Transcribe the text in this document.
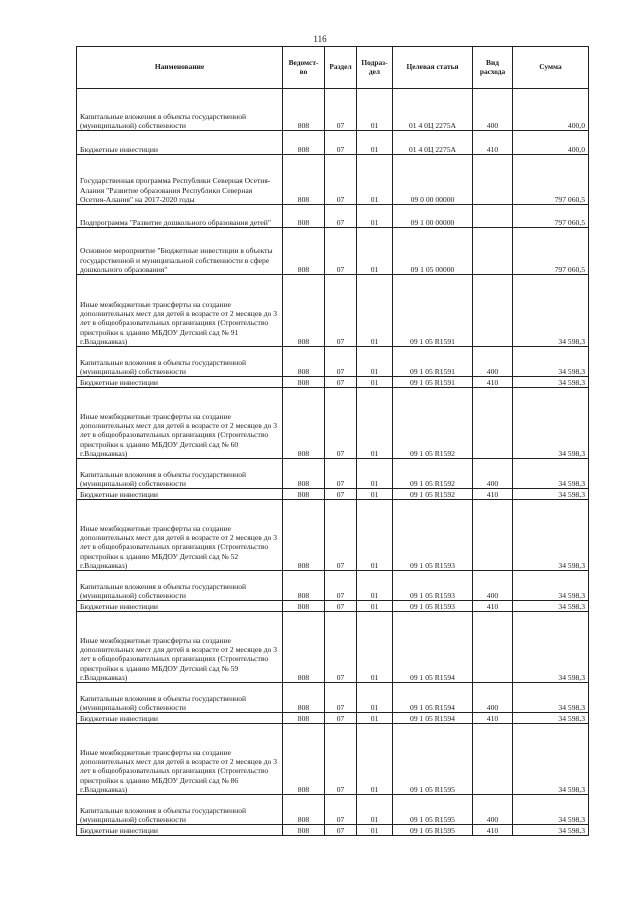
116
Наименование	Ведомст-во	Раздел	Подраз-дел	Целевая статья	Вид расхода	Сумма
Капитальные вложения в объекты государственной (муниципальной) собственности	808	07	01	01 4 0Ц 2275А	400	400,0
Бюджетные инвестиции	808	07	01	01 4 0Ц 2275А	410	400,0
Государственная программа Республики Северная Осетия-Алания "Развитие образования Республики Северная Осетия-Алания" на 2017-2020 годы	808	07	01	09 0 00 00000		797 060,5
Подпрограмма "Развитие дошкольного образования детей"	808	07	01	09 1 00 00000		797 060,5
Основное мероприятие "Бюджетные инвестиции в объекты государственной и муниципальной собственности в сфере дошкольного образования"	808	07	01	09 1 05 00000		797 060,5
Иные межбюджетные трансферты на создание дополнительных мест для детей в возрасте от 2 месяцев до 3 лет в общеобразовательных организациях (Строительство пристройки к зданию МБДОУ Детский сад № 91 г.Владикавказ)	808	07	01	09 1 05 R1591		34 598,3
Капитальные вложения в объекты государственной (муниципальной) собственности	808	07	01	09 1 05 R1591	400	34 598,3
Бюджетные инвестиции	808	07	01	09 1 05 R1591	410	34 598,3
Иные межбюджетные трансферты на создание дополнительных мест для детей в возрасте от 2 месяцев до 3 лет в общеобразовательных организациях (Строительство пристройки к зданию МБДОУ Детский сад № 60 г.Владикавказ)	808	07	01	09 1 05 R1592		34 598,3
Капитальные вложения в объекты государственной (муниципальной) собственности	808	07	01	09 1 05 R1592	400	34 598,3
Бюджетные инвестиции	808	07	01	09 1 05 R1592	410	34 598,3
Иные межбюджетные трансферты на создание дополнительных мест для детей в возрасте от 2 месяцев до 3 лет в общеобразовательных организациях (Строительство пристройки к зданию МБДОУ Детский сад № 52 г.Владикавказ)	808	07	01	09 1 05 R1593		34 598,3
Капитальные вложения в объекты государственной (муниципальной) собственности	808	07	01	09 1 05 R1593	400	34 598,3
Бюджетные инвестиции	808	07	01	09 1 05 R1593	410	34 598,3
Иные межбюджетные трансферты на создание дополнительных мест для детей в возрасте от 2 месяцев до 3 лет в общеобразовательных организациях (Строительство пристройки к зданию МБДОУ Детский сад № 59 г.Владикавказ)	808	07	01	09 1 05 R1594		34 598,3
Капитальные вложения в объекты государственной (муниципальной) собственности	808	07	01	09 1 05 R1594	400	34 598,3
Бюджетные инвестиции	808	07	01	09 1 05 R1594	410	34 598,3
Иные межбюджетные трансферты на создание дополнительных мест для детей в возрасте от 2 месяцев до 3 лет в общеобразовательных организациях (Строительство пристройки к зданию МБДОУ Детский сад № 86 г.Владикавказ)	808	07	01	09 1 05 R1595		34 598,3
Капитальные вложения в объекты государственной (муниципальной) собственности	808	07	01	09 1 05 R1595	400	34 598,3
Бюджетные инвестиции	808	07	01	09 1 05 R1595	410	34 598,3
